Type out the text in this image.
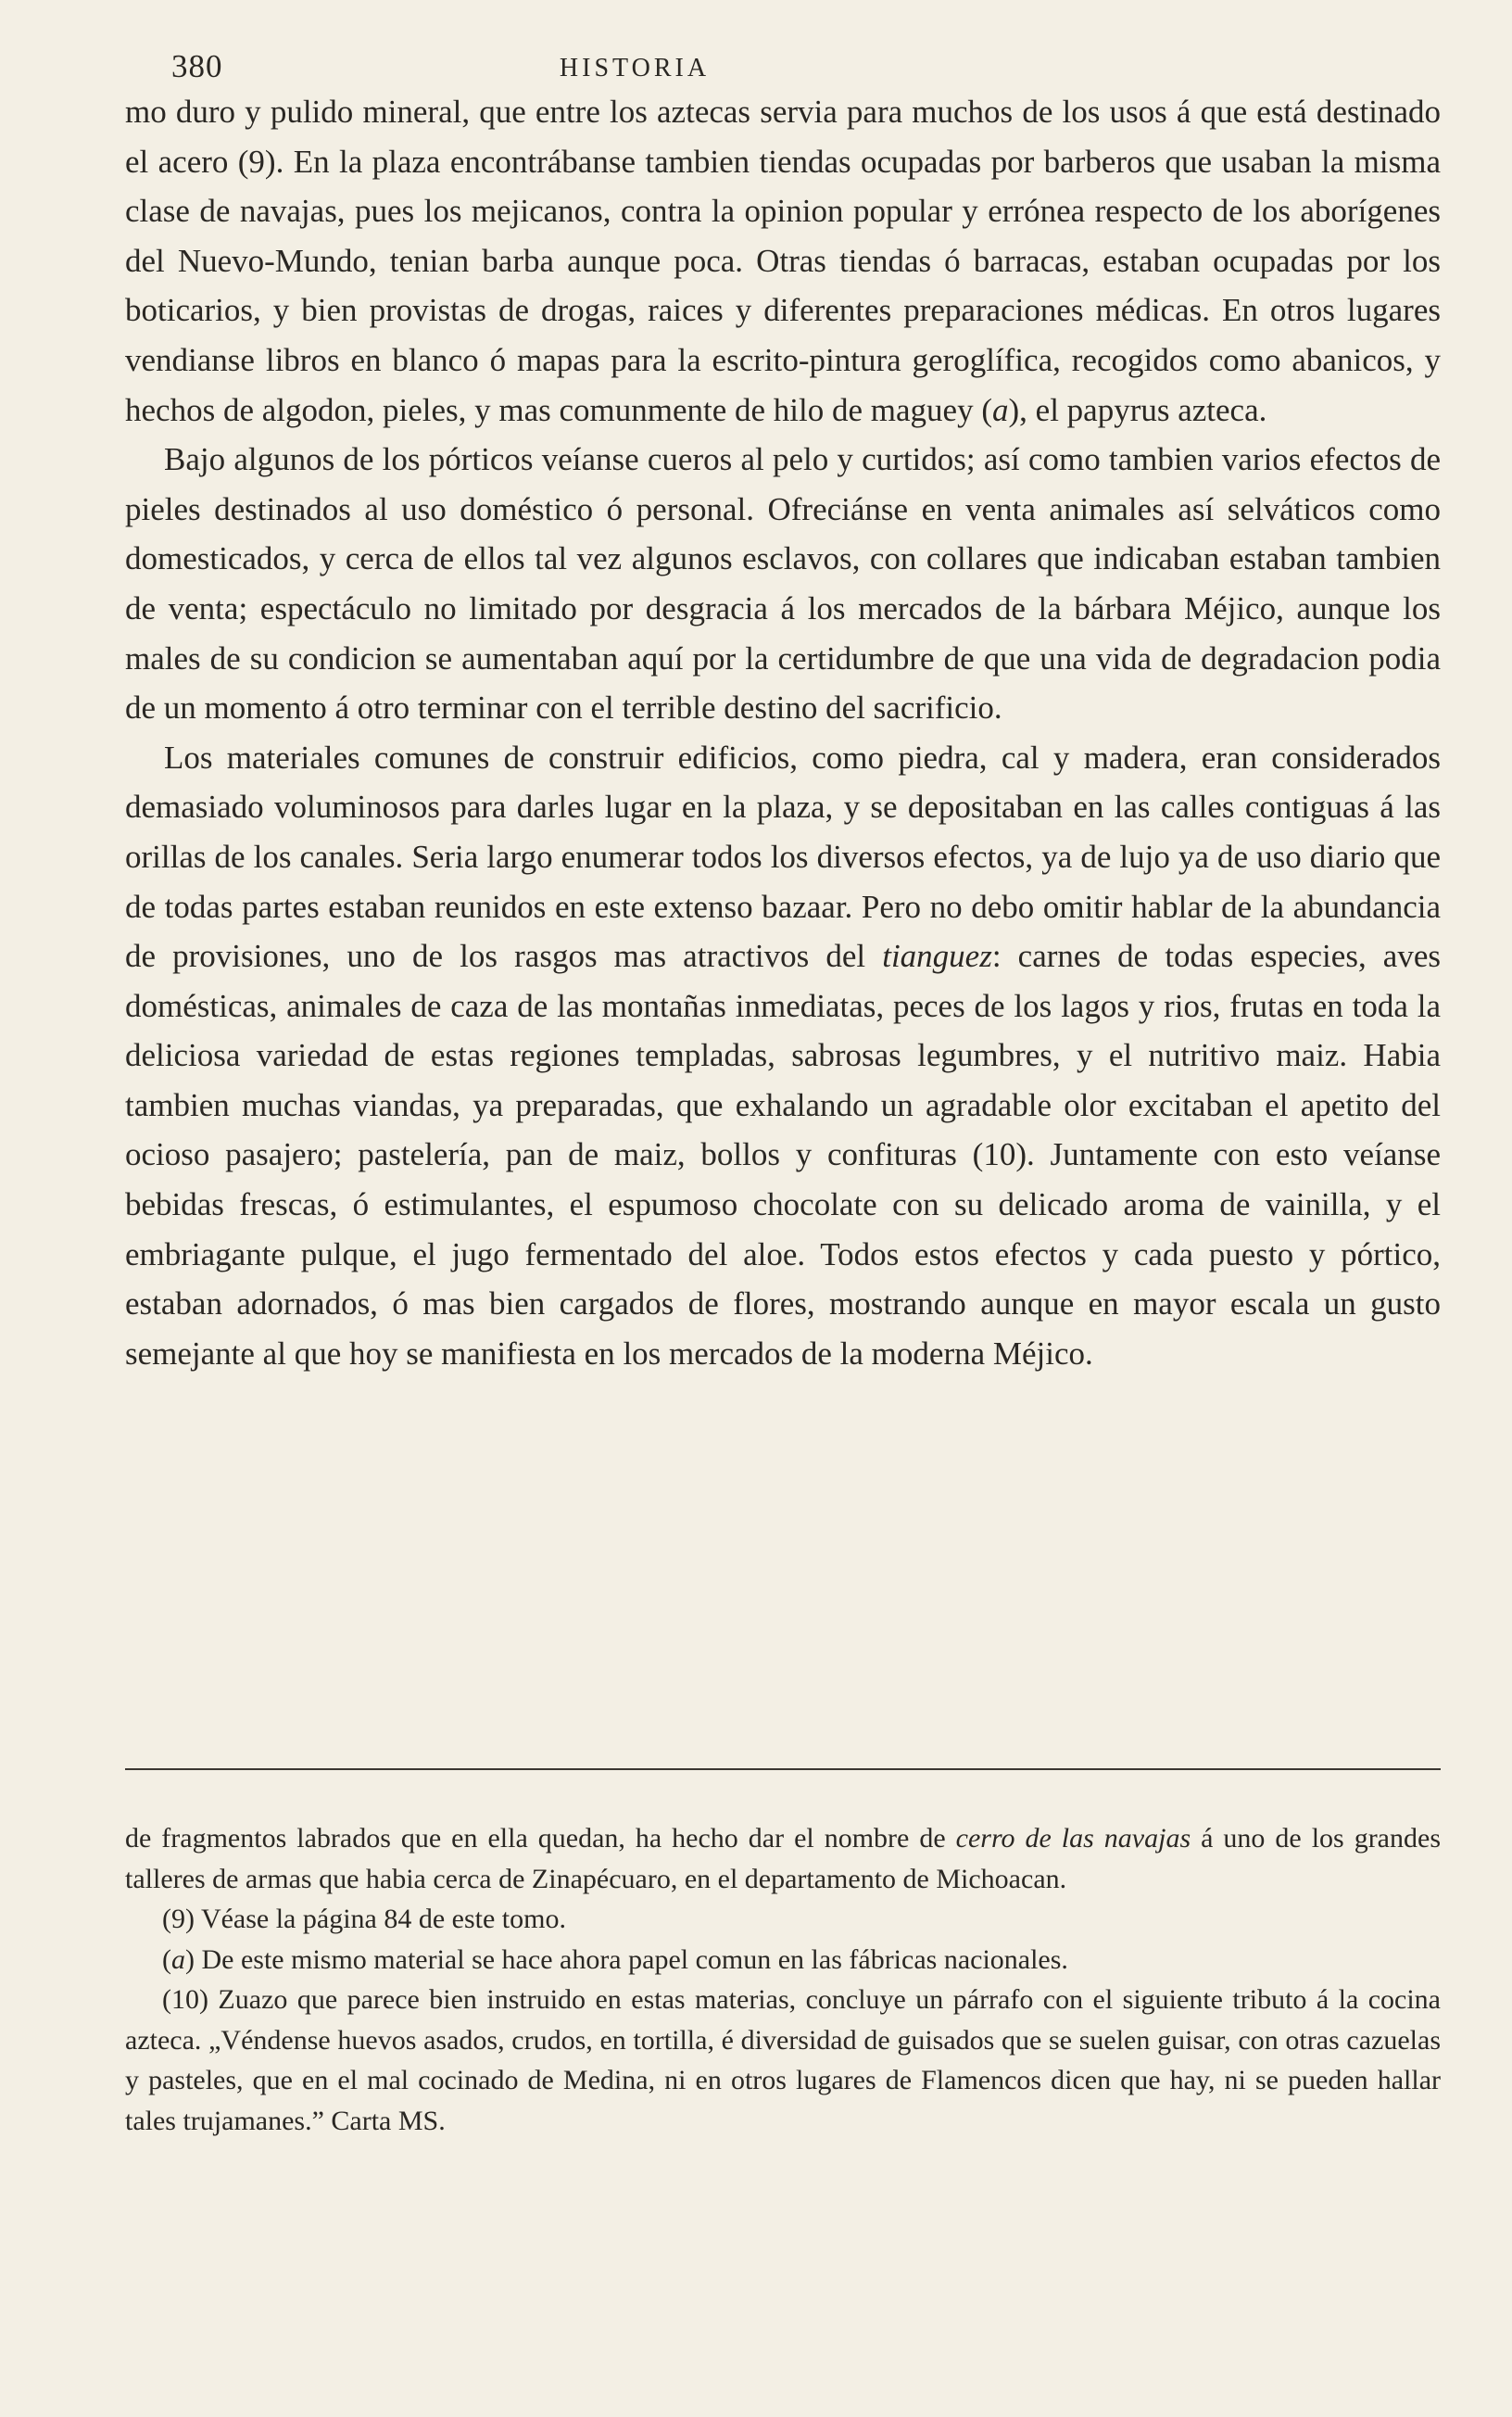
380	HISTORIA

mo duro y pulido mineral, que entre los aztecas servia para muchos de los usos á que está destinado el acero (9). En la plaza encontrábanse tambien tiendas ocupadas por barberos que usaban la misma clase de navajas, pues los mejicanos, contra la opinion popular y errónea respecto de los aborígenes del Nuevo-Mundo, tenian barba aunque poca. Otras tiendas ó barracas, estaban ocupadas por los boticarios, y bien provistas de drogas, raices y diferentes preparaciones médicas. En otros lugares vendianse libros en blanco ó mapas para la escrito-pintura geroglífica, recogidos como abanicos, y hechos de algodon, pieles, y mas comunmente de hilo de maguey (a), el papyrus azteca.

Bajo algunos de los pórticos veíanse cueros al pelo y curtidos; así como tambien varios efectos de pieles destinados al uso doméstico ó personal. Ofreciánse en venta animales así selváticos como domesticados, y cerca de ellos tal vez algunos esclavos, con collares que indicaban estaban tambien de venta; espectáculo no limitado por desgracia á los mercados de la bárbara Méjico, aunque los males de su condicion se aumentaban aquí por la certidumbre de que una vida de degradacion podia de un momento á otro terminar con el terrible destino del sacrificio.

Los materiales comunes de construir edificios, como piedra, cal y madera, eran considerados demasiado voluminosos para darles lugar en la plaza, y se depositaban en las calles contiguas á las orillas de los canales. Seria largo enumerar todos los diversos efectos, ya de lujo ya de uso diario que de todas partes estaban reunidos en este extenso bazaar. Pero no debo omitir hablar de la abundancia de provisiones, uno de los rasgos mas atractivos del tianguez: carnes de todas especies, aves domésticas, animales de caza de las montañas inmediatas, peces de los lagos y rios, frutas en toda la deliciosa variedad de estas regiones templadas, sabrosas legumbres, y el nutritivo maiz. Habia tambien muchas viandas, ya preparadas, que exhalando un agradable olor excitaban el apetito del ocioso pasajero; pastelería, pan de maiz, bollos y confituras (10). Juntamente con esto veíanse bebidas frescas, ó estimulantes, el espumoso chocolate con su delicado aroma de vainilla, y el embriagante pulque, el jugo fermentado del aloe. Todos estos efectos y cada puesto y pórtico, estaban adornados, ó mas bien cargados de flores, mostrando aunque en mayor escala un gusto semejante al que hoy se manifiesta en los mercados de la moderna Méjico.

de fragmentos labrados que en ella quedan, ha hecho dar el nombre de cerro de las navajas á uno de los grandes talleres de armas que habia cerca de Zinapécuaro, en el departamento de Michoacan.

(9) Véase la página 84 de este tomo.

(a) De este mismo material se hace ahora papel comun en las fábricas nacionales.

(10) Zuazo que parece bien instruido en estas materias, concluye un párrafo con el siguiente tributo á la cocina azteca. „Véndense huevos asados, crudos, en tortilla, é diversidad de guisados que se suelen guisar, con otras cazuelas y pasteles, que en el mal cocinado de Medina, ni en otros lugares de Flamencos dicen que hay, ni se pueden hallar tales trujamanes.” Carta MS.
